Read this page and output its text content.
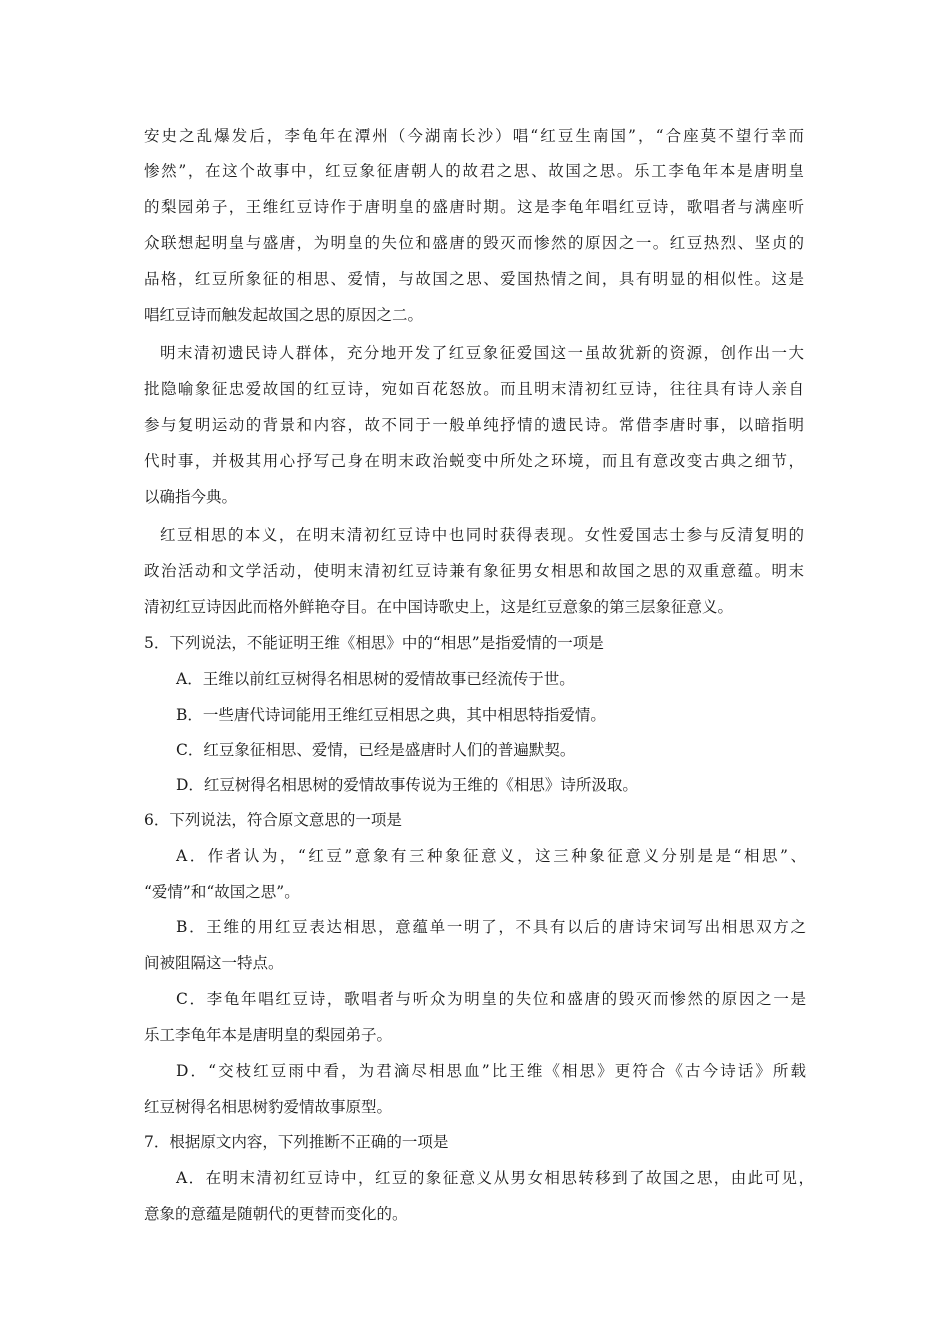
安史之乱爆发后，李龟年在潭州（今湖南长沙）唱“红豆生南国”，“合座莫不望行幸而
惨然”，在这个故事中，红豆象征唐朝人的故君之思、故国之思。乐工李龟年本是唐明皇
的梨园弟子，王维红豆诗作于唐明皇的盛唐时期。这是李龟年唱红豆诗，歌唱者与满座听
众联想起明皇与盛唐，为明皇的失位和盛唐的毁灭而惨然的原因之一。红豆热烈、坚贞的
品格，红豆所象征的相思、爱情，与故国之思、爱国热情之间，具有明显的相似性。这是
唱红豆诗而触发起故国之思的原因之二。
明末清初遗民诗人群体，充分地开发了红豆象征爱国这一虽故犹新的资源，创作出一大
批隐喻象征忠爱故国的红豆诗，宛如百花怒放。而且明末清初红豆诗，往往具有诗人亲自
参与复明运动的背景和内容，故不同于一般单纯抒情的遗民诗。常借李唐时事，以暗指明
代时事，并极其用心抒写己身在明末政治蜕变中所处之环境，而且有意改变古典之细节，
以确指今典。
红豆相思的本义，在明末清初红豆诗中也同时获得表现。女性爱国志士参与反清复明的
政治活动和文学活动，使明末清初红豆诗兼有象征男女相思和故国之思的双重意蕴。明末
清初红豆诗因此而格外鲜艳夺目。在中国诗歌史上，这是红豆意象的第三层象征意义。
5．下列说法，不能证明王维《相思》中的“相思”是指爱情的一项是
A．王维以前红豆树得名相思树的爱情故事已经流传于世。
B．一些唐代诗词能用王维红豆相思之典，其中相思特指爱情。
C．红豆象征相思、爱情，已经是盛唐时人们的普遍默契。
D．红豆树得名相思树的爱情故事传说为王维的《相思》诗所汲取。
6．下列说法，符合原文意思的一项是
A．作者认为，“红豆”意象有三种象征意义，这三种象征意义分别是是“相思”、
“爱情”和“故国之思”。
B．王维的用红豆表达相思，意蕴单一明了，不具有以后的唐诗宋词写出相思双方之
间被阻隔这一特点。
C．李龟年唱红豆诗，歌唱者与听众为明皇的失位和盛唐的毁灭而惨然的原因之一是
乐工李龟年本是唐明皇的梨园弟子。
D．“交枝红豆雨中看，为君滴尽相思血”比王维《相思》更符合《古今诗话》所载
红豆树得名相思树豹爱情故事原型。
7．根据原文内容，下列推断不正确的一项是
A．在明末清初红豆诗中，红豆的象征意义从男女相思转移到了故国之思，由此可见，
意象的意蕴是随朝代的更替而变化的。
